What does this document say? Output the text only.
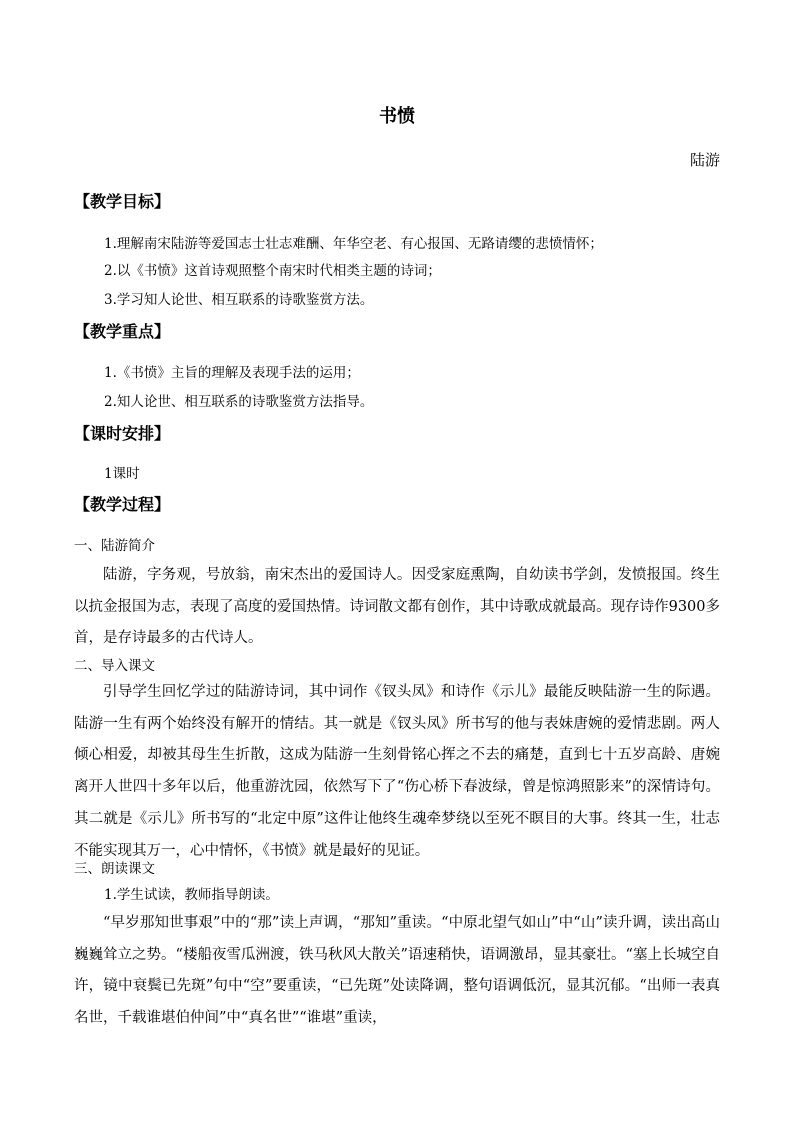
书愤
陆游
【教学目标】
1.理解南宋陆游等爱国志士壮志难酬、年华空老、有心报国、无路请缨的悲愤情怀；
2.以《书愤》这首诗观照整个南宋时代相类主题的诗词；
3.学习知人论世、相互联系的诗歌鉴赏方法。
【教学重点】
1.《书愤》主旨的理解及表现手法的运用；
2.知人论世、相互联系的诗歌鉴赏方法指导。
【课时安排】
1课时
【教学过程】
一、陆游简介

陆游，字务观，号放翁，南宋杰出的爱国诗人。因受家庭熏陶，自幼读书学剑，发愤报国。终生以抗金报国为志，表现了高度的爱国热情。诗词散文都有创作，其中诗歌成就最高。现存诗作9300多首，是存诗最多的古代诗人。

二、导入课文

引导学生回忆学过的陆游诗词，其中词作《钗头凤》和诗作《示儿》最能反映陆游一生的际遇。陆游一生有两个始终没有解开的情结。其一就是《钗头凤》所书写的他与表妹唐婉的爱情悲剧。两人倾心相爱，却被其母生生折散，这成为陆游一生刻骨铭心挥之不去的痛楚，直到七十五岁高龄、唐婉离开人世四十多年以后，他重游沈园，依然写下了“伤心桥下春波绿，曾是惊鸿照影来”的深情诗句。其二就是《示儿》所书写的“北定中原”这件让他终生魂牵梦绕以至死不瞑目的大事。终其一生，壮志不能实现其万一，心中情怀，《书愤》就是最好的见证。

三、朗读课文
1.学生试读，教师指导朗读。

“早岁那知世事艰”中的“那”读上声调，“那知”重读。“中原北望气如山”中“山”读升调，读出高山巍巍耸立之势。“楼船夜雪瓜洲渡，铁马秋风大散关”语速稍快，语调激昂，显其豪壮。“塞上长城空自许，镜中衰鬓已先斑”句中“空”要重读，“已先斑”处读降调，整句语调低沉，显其沉郁。“出师一表真名世，千载谁堪伯仲间”中“真名世”“谁堪”重读，
